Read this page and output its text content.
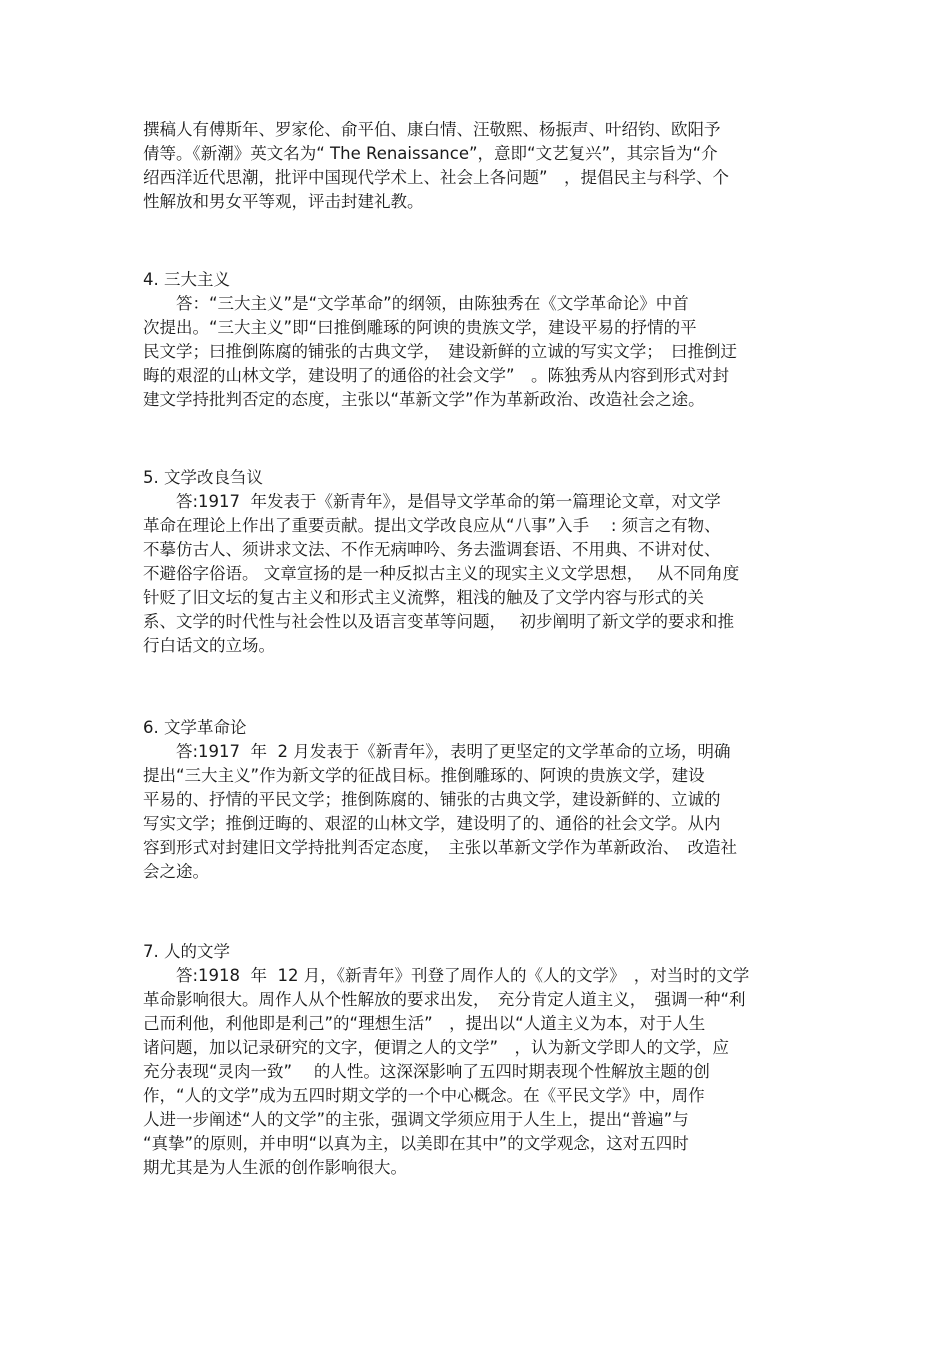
撰稿人有傅斯年、罗家伦、俞平伯、康白情、汪敬熙、杨振声、叶绍钧、欧阳予
倩等。《新潮》英文名为“ The Renaissance”，意即“文艺复兴”，其宗旨为“介
绍西洋近代思潮，批评中国现代学术上、社会上各问题”　，提倡民主与科学、个
性解放和男女平等观，评击封建礼教。
4. 三大主义
　　答：“三大主义”是“文学革命”的纲领，由陈独秀在《文学革命论》中首
次提出。“三大主义”即“曰推倒雕琢的阿谀的贵族文学，建设平易的抒情的平
民文学；曰推倒陈腐的铺张的古典文学，　建设新鲜的立诚的写实文学；　曰推倒迂
晦的艰涩的山林文学，建设明了的通俗的社会文学”　。陈独秀从内容到形式对封
建文学持批判否定的态度，主张以“革新文学”作为革新政治、改造社会之途。
5. 文学改良刍议
　　答:1917  年发表于《新青年》，是倡导文学革命的第一篇理论文章，对文学
革命在理论上作出了重要贡献。提出文学改良应从“八事”入手　 : 须言之有物、
不摹仿古人、须讲求文法、不作无病呻吟、务去滥调套语、不用典、不讲对仗、
不避俗字俗语。 文章宣扬的是一种反拟古主义的现实主义文学思想，　 从不同角度
针贬了旧文坛的复古主义和形式主义流弊，粗浅的触及了文学内容与形式的关
系、文学的时代性与社会性以及语言变革等问题，　 初步阐明了新文学的要求和推
行白话文的立场。
6. 文学革命论
　　答:1917  年  2 月发表于《新青年》，表明了更坚定的文学革命的立场，明确
提出“三大主义”作为新文学的征战目标。推倒雕琢的、阿谀的贵族文学，建设
平易的、抒情的平民文学；推倒陈腐的、铺张的古典文学，建设新鲜的、立诚的
写实文学；推倒迂晦的、艰涩的山林文学，建设明了的、通俗的社会文学。从内
容到形式对封建旧文学持批判否定态度，　主张以革新文学作为革新政治、　改造社
会之途。
7. 人的文学
　　答:1918  年  12 月，《新青年》刊登了周作人的《人的文学》　，对当时的文学
革命影响很大。周作人从个性解放的要求出发，　充分肯定人道主义，　强调一种“利
己而利他，利他即是利己”的“理想生活”　，提出以“人道主义为本，对于人生
诸问题，加以记录研究的文字，便谓之人的文学”　，认为新文学即人的文学，应
充分表现“灵肉一致”　 的人性。这深深影响了五四时期表现个性解放主题的创
作，“人的文学”成为五四时期文学的一个中心概念。在《平民文学》中，周作
人进一步阐述“人的文学”的主张，强调文学须应用于人生上，提出“普遍”与
“真挚”的原则，并申明“以真为主，以美即在其中”的文学观念，这对五四时
期尤其是为人生派的创作影响很大。
